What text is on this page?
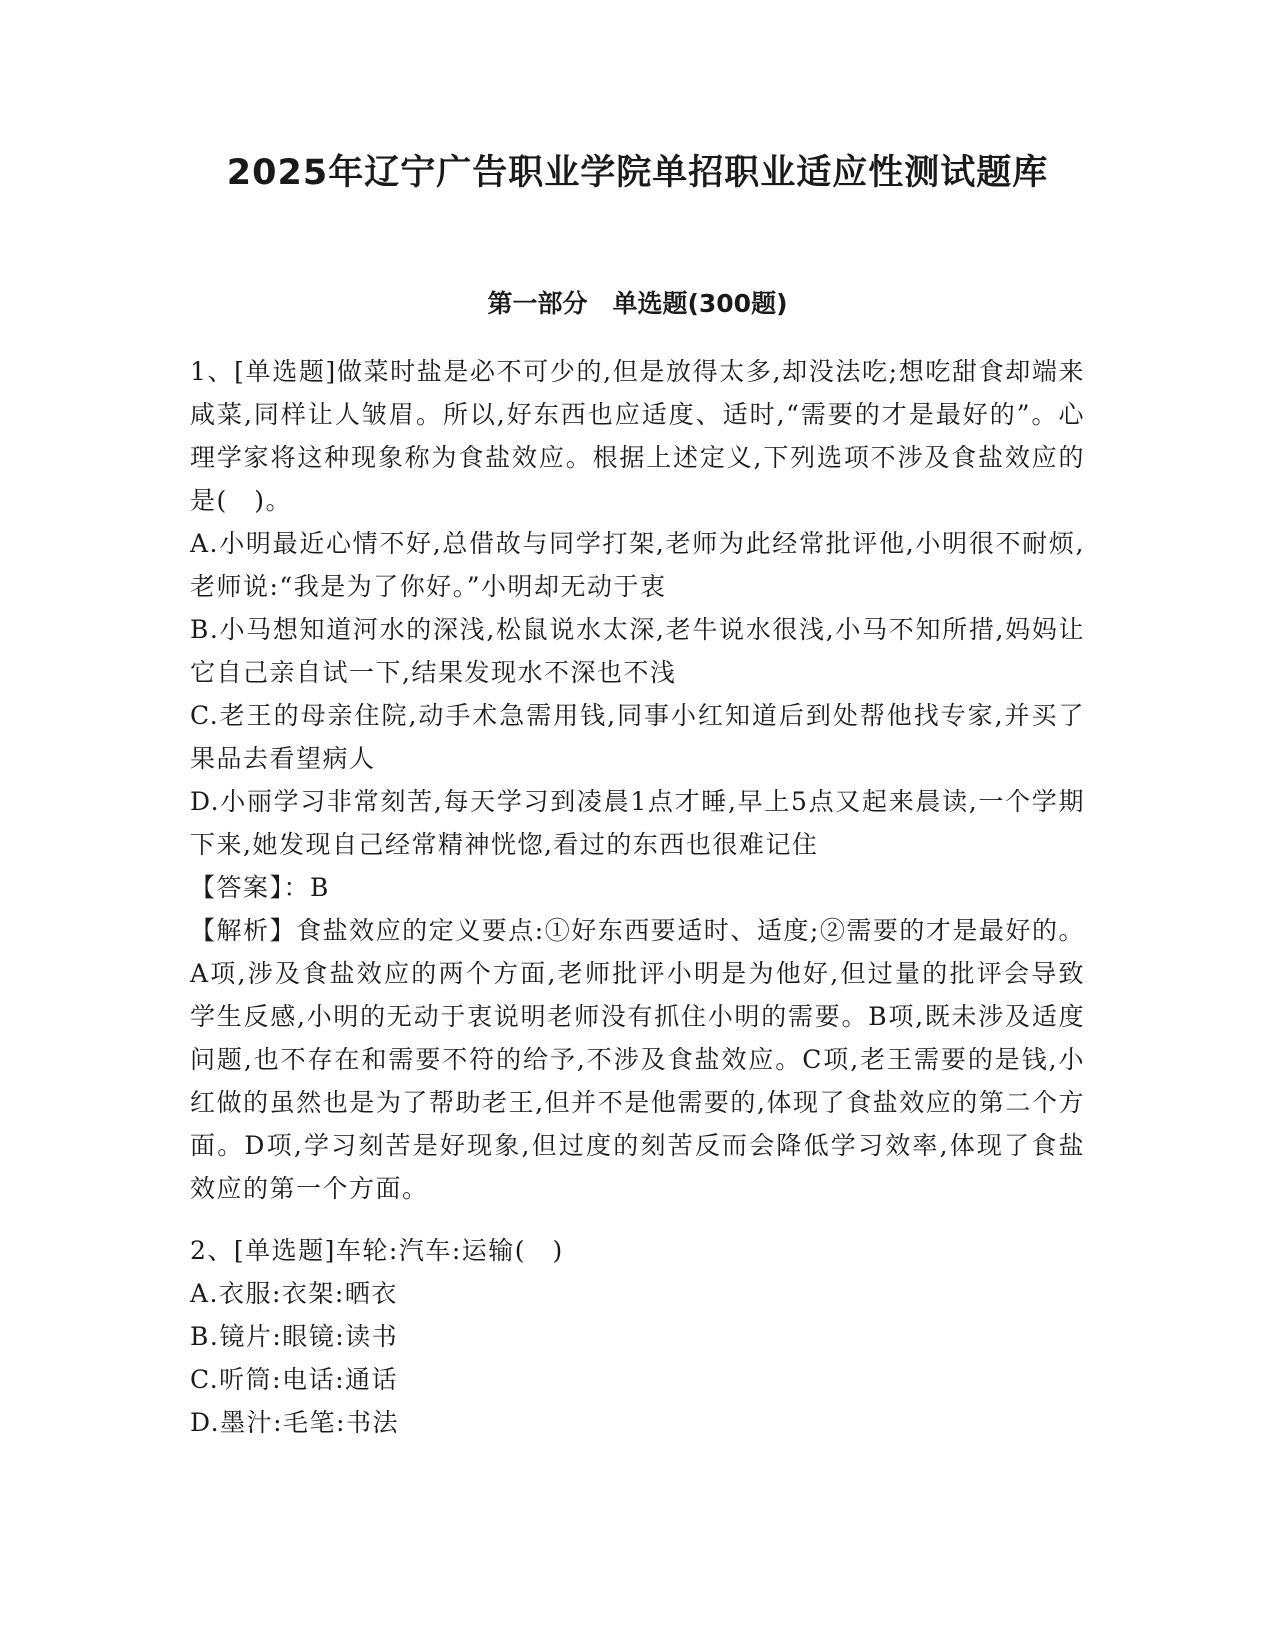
2025年辽宁广告职业学院单招职业适应性测试题库
第一部分　单选题(300题)

1、[单选题]做菜时盐是必不可少的,但是放得太多,却没法吃;想吃甜食却端来咸菜,同样让人皱眉。所以,好东西也应适度、适时,“需要的才是最好的”。心理学家将这种现象称为食盐效应。根据上述定义,下列选项不涉及食盐效应的是(　)。

A.小明最近心情不好,总借故与同学打架,老师为此经常批评他,小明很不耐烦,老师说:“我是为了你好。”小明却无动于衷

B.小马想知道河水的深浅,松鼠说水太深,老牛说水很浅,小马不知所措,妈妈让它自己亲自试一下,结果发现水不深也不浅

C.老王的母亲住院,动手术急需用钱,同事小红知道后到处帮他找专家,并买了果品去看望病人

D.小丽学习非常刻苦,每天学习到凌晨1点才睡,早上5点又起来晨读,一个学期下来,她发现自己经常精神恍惚,看过的东西也很难记住

【答案】：B

【解析】食盐效应的定义要点:①好东西要适时、适度;②需要的才是最好的。A项,涉及食盐效应的两个方面,老师批评小明是为他好,但过量的批评会导致学生反感,小明的无动于衷说明老师没有抓住小明的需要。B项,既未涉及适度问题,也不存在和需要不符的给予,不涉及食盐效应。C项,老王需要的是钱,小红做的虽然也是为了帮助老王,但并不是他需要的,体现了食盐效应的第二个方面。D项,学习刻苦是好现象,但过度的刻苦反而会降低学习效率,体现了食盐效应的第一个方面。

2、[单选题]车轮:汽车:运输(　)

A.衣服:衣架:晒衣

B.镜片:眼镜:读书

C.听筒:电话:通话

D.墨汁:毛笔:书法
